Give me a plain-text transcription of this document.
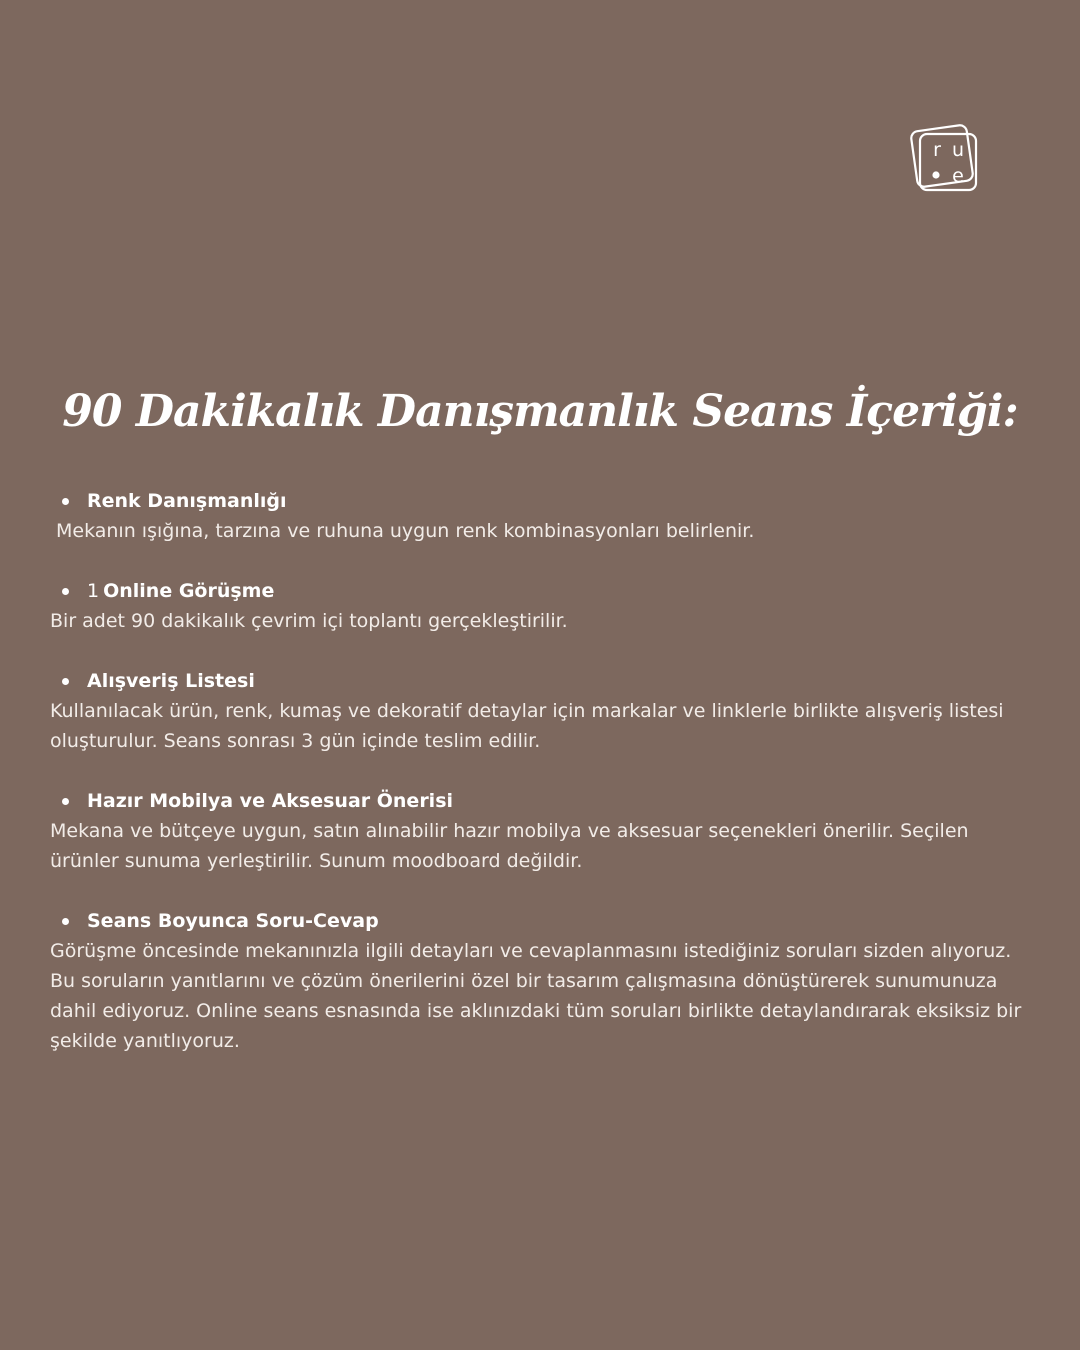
r u
e
90 Dakikalık Danışmanlık Seans İçeriği:
Renk Danışmanlığı

Mekanın ışığına, tarzına ve ruhuna uygun renk kombinasyonları belirlenir.

1 Online Görüşme

Bir adet 90 dakikalık çevrim içi toplantı gerçekleştirilir.

Alışveriş Listesi

Kullanılacak ürün, renk, kumaş ve dekoratif detaylar için markalar ve linklerle birlikte alışveriş listesi oluşturulur. Seans sonrası 3 gün içinde teslim edilir.

Hazır Mobilya ve Aksesuar Önerisi

Mekana ve bütçeye uygun, satın alınabilir hazır mobilya ve aksesuar seçenekleri önerilir. Seçilen ürünler sunuma yerleştirilir. Sunum moodboard değildir.

Seans Boyunca Soru-Cevap

Görüşme öncesinde mekanınızla ilgili detayları ve cevaplanmasını istediğiniz soruları sizden alıyoruz. Bu soruların yanıtlarını ve çözüm önerilerini özel bir tasarım çalışmasına dönüştürerek sunumunuza dahil ediyoruz. Online seans esnasında ise aklınızdaki tüm soruları birlikte detaylandırarak eksiksiz bir şekilde yanıtlıyoruz.
